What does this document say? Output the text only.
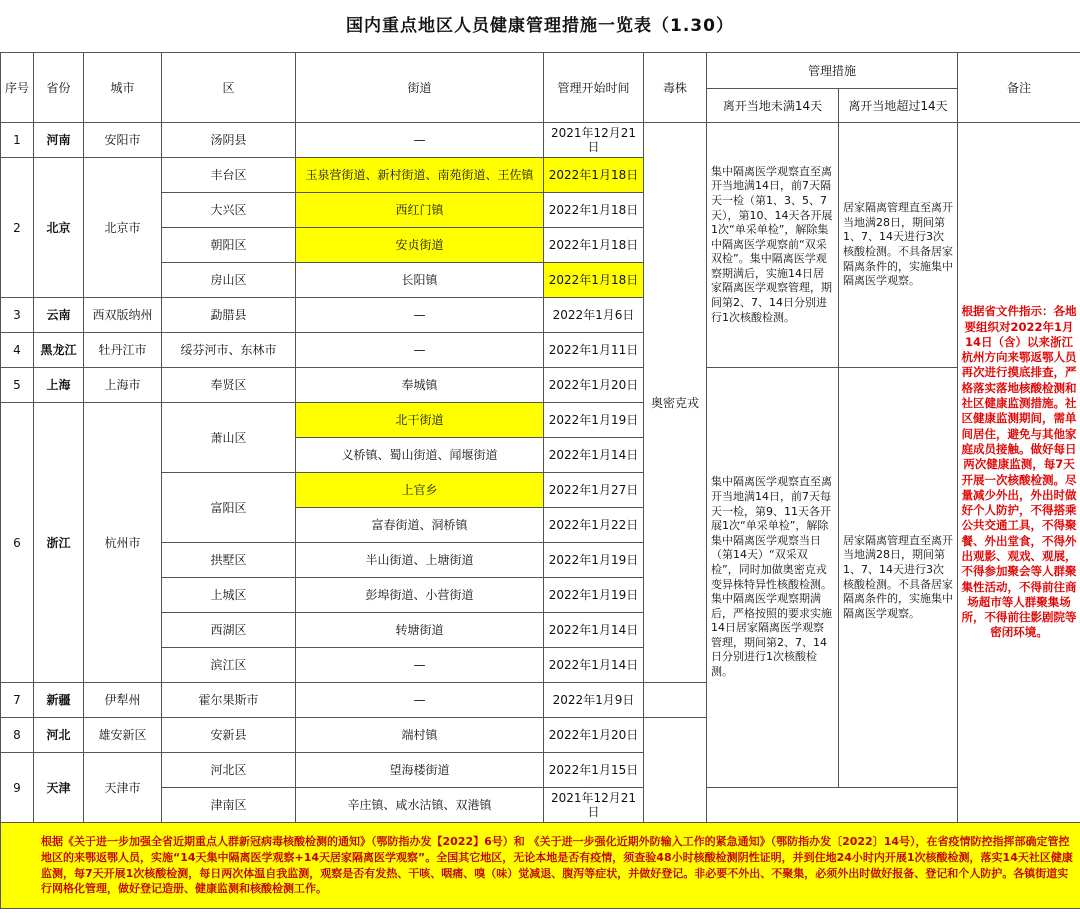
国内重点地区人员健康管理措施一览表（1.30）
序号	省份	城市	区	街道	管理开始时间	毒株	管理措施		备注	
							离开当地未满14天	离开当地超过14天		
1	河南	安阳市	汤阴县	—	2021年12月21日	奥密克戎	集中隔离医学观察直至离开当地满14日，前7天隔天一检（第1、3、5、7天），第10、14天各开展1次“单采单检”，解除集中隔离医学观察前“双采双检”。集中隔离医学观察期满后，实施14日居家隔离医学观察管理，期间第2、7、14日分别进行1次核酸检测。	居家隔离管理直至离开当地满28日，期间第1、7、14天进行3次核酸检测。不具备居家隔离条件的，实施集中隔离医学观察。	根据省文件指示：各地要组织对2022年1月14日（含）以来浙江杭州方向来鄂返鄂人员再次进行摸底排查，严格落实落地核酸检测和社区健康监测措施。社区健康监测期间，需单间居住，避免与其他家庭成员接触。做好每日两次健康监测，每7天开展一次核酸检测。尽量减少外出，外出时做好个人防护，不得搭乘公共交通工具，不得聚餐、外出堂食，不得外出观影、观戏、观展，不得参加聚会等人群聚集性活动，不得前往商场超市等人群聚集场所，不得前往影剧院等密闭环境。	
2	北京	北京市	丰台区	玉泉营街道、新村街道、南苑街道、王佐镇	2022年1月18日					
			大兴区	西红门镇	2022年1月18日					
			朝阳区	安贞街道	2022年1月18日					
			房山区	长阳镇	2022年1月18日					
3	云南	西双版纳州	勐腊县	—	2022年1月6日					
4	黑龙江	牡丹江市	绥芬河市、东林市	—	2022年1月11日					
5	上海	上海市	奉贤区	奉城镇	2022年1月20日		集中隔离医学观察直至离开当地满14日，前7天每天一检，第9、11天各开展1次“单采单检”，解除集中隔离医学观察当日（第14天）“双采双检”，同时加做奥密克戎变异株特异性核酸检测。集中隔离医学观察期满后，严格按照的要求实施14日居家隔离医学观察管理，期间第2、7、14日分别进行1次核酸检测。	居家隔离管理直至离开当地满28日，期间第1、7、14天进行3次核酸检测。不具备居家隔离条件的，实施集中隔离医学观察。		
6	浙江	杭州市	萧山区	北干街道	2022年1月19日					
				义桥镇、蜀山街道、闻堰街道	2022年1月14日					
			富阳区	上官乡	2022年1月27日					
				富春街道、洞桥镇	2022年1月22日					
			拱墅区	半山街道、上塘街道	2022年1月19日					
			上城区	彭埠街道、小营街道	2022年1月19日					
			西湖区	转塘街道	2022年1月14日					
			滨江区	—	2022年1月14日					
7	新疆	伊犁州	霍尔果斯市	—	2022年1月9日					
8	河北	雄安新区	安新县	端村镇	2022年1月20日					
9	天津	天津市	河北区	望海楼街道	2022年1月15日					
			津南区	辛庄镇、咸水沽镇、双港镇	2021年12月21日					
根据《关于进一步加强全省近期重点人群新冠病毒核酸检测的通知》（鄂防指办发【2022】6号）和 《关于进一步强化近期外防输入工作的紧急通知》（鄂防指办发〔2022〕14号），在省疫情防控指挥部确定管控地区的来鄂返鄂人员，实施“14天集中隔离医学观察+14天居家隔离医学观察”。全国其它地区，无论本地是否有疫情，须查验48小时核酸检测阴性证明，并到住地24小时内开展1次核酸检测，落实14天社区健康监测，每7天开展1次核酸检测，每日两次体温自我监测，观察是否有发热、干咳、咽痛、嗅（味）觉减退、腹泻等症状，并做好登记。非必要不外出、不聚集，必须外出时做好报备、登记和个人防护。各镇街道实行网格化管理，做好登记造册、健康监测和核酸检测工作。										
